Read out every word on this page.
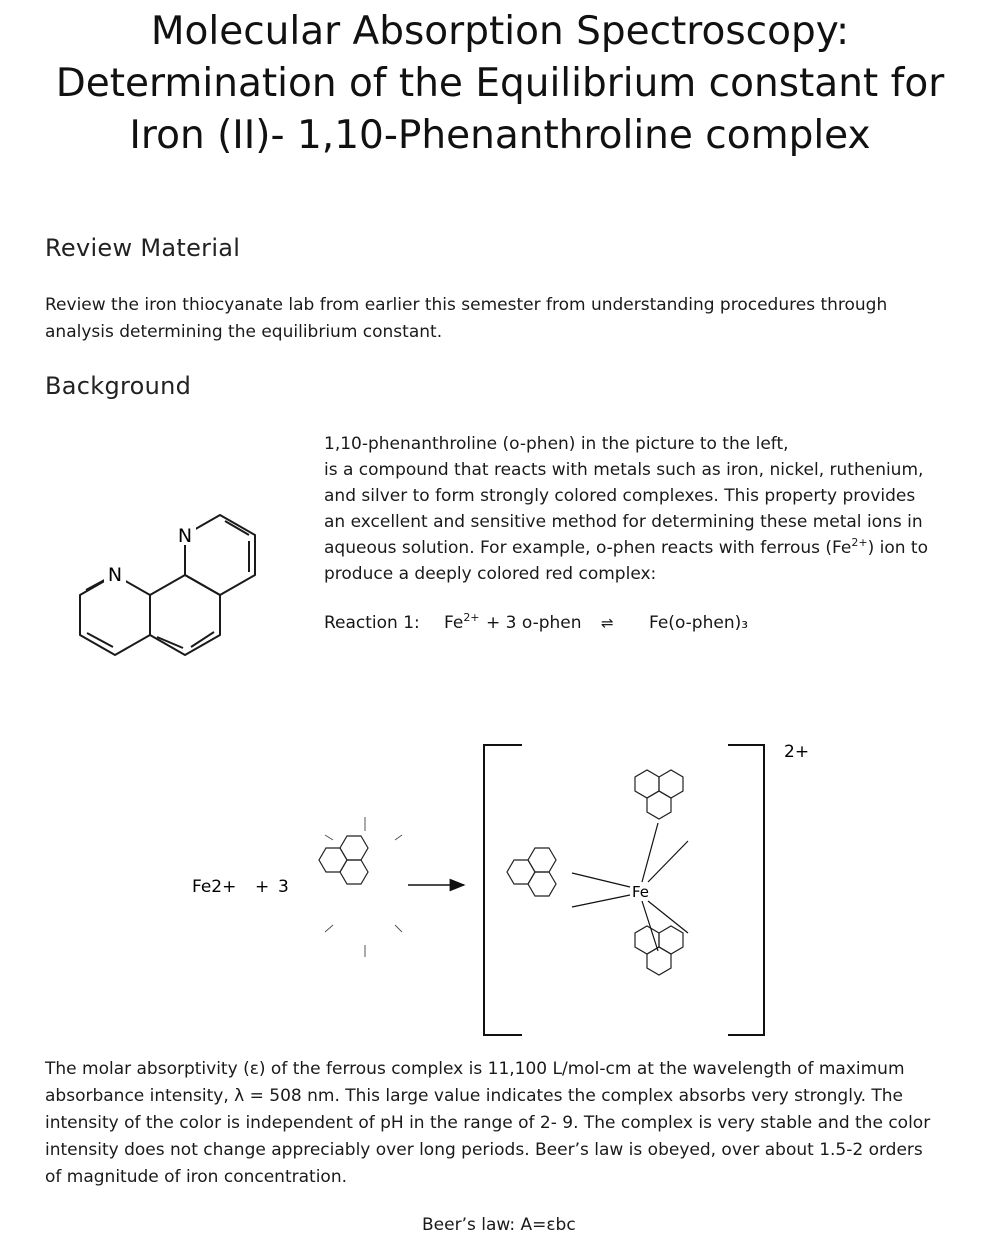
Molecular Absorption Spectroscopy:
Determination of the Equilibrium constant for
Iron (II)- 1,10-Phenanthroline complex
Review Material
Review the iron thiocyanate lab from earlier this semester from understanding procedures through
analysis determining the equilibrium constant.
Background
1,10-phenanthroline (o-phen) in the picture to the left,
is a compound that reacts with metals such as iron, nickel, ruthenium,
and silver to form strongly colored complexes. This property provides
an excellent and sensitive method for determining these metal ions in
aqueous solution. For example, o-phen reacts with ferrous $(Fe^{2+})$ ion to
produce a deeply colored red complex:
Reaction 1: $Fe^{2+} + 3$ o-phen ⇌ Fe(o-phen)₃
N
N
Fe2+ + 3
2+
Fe
The molar absorptivity (ε) of the ferrous complex is 11,100 L/mol-cm at the wavelength of maximum
absorbance intensity, λ = 508 nm. This large value indicates the complex absorbs very strongly. The
intensity of the color is independent of pH in the range of 2- 9. The complex is very stable and the color
intensity does not change appreciably over long periods. Beer’s law is obeyed, over about 1.5-2 orders
of magnitude of iron concentration.
Beer’s law: A=εbc
